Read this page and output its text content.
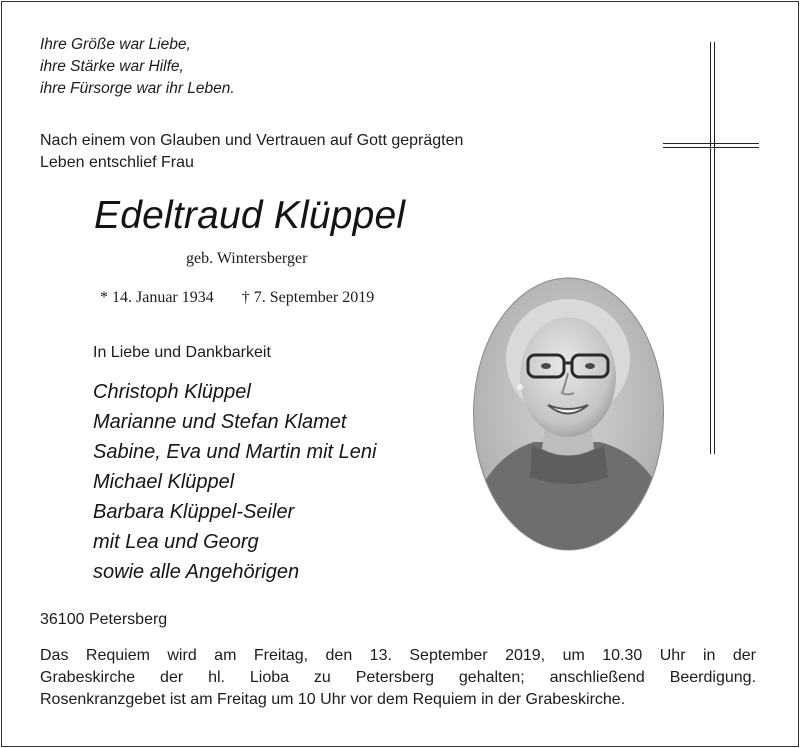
Ihre Größe war Liebe,
ihre Stärke war Hilfe,
ihre Fürsorge war ihr Leben.
Nach einem von Glauben und Vertrauen auf Gott geprägten
Leben entschlief Frau
Edeltraud Klüppel
geb. Wintersberger
* 14. Januar 1934 † 7. September 2019
In Liebe und Dankbarkeit
Christoph Klüppel
Marianne und Stefan Klamet
Sabine, Eva und Martin mit Leni
Michael Klüppel
Barbara Klüppel-Seiler
mit Lea und Georg
sowie alle Angehörigen
36100 Petersberg
Das Requiem wird am Freitag, den 13. September 2019, um 10.30 Uhr in der
Grabeskirche der hl. Lioba zu Petersberg gehalten; anschließend Beerdigung.
Rosenkranzgebet ist am Freitag um 10 Uhr vor dem Requiem in der Grabeskirche.
